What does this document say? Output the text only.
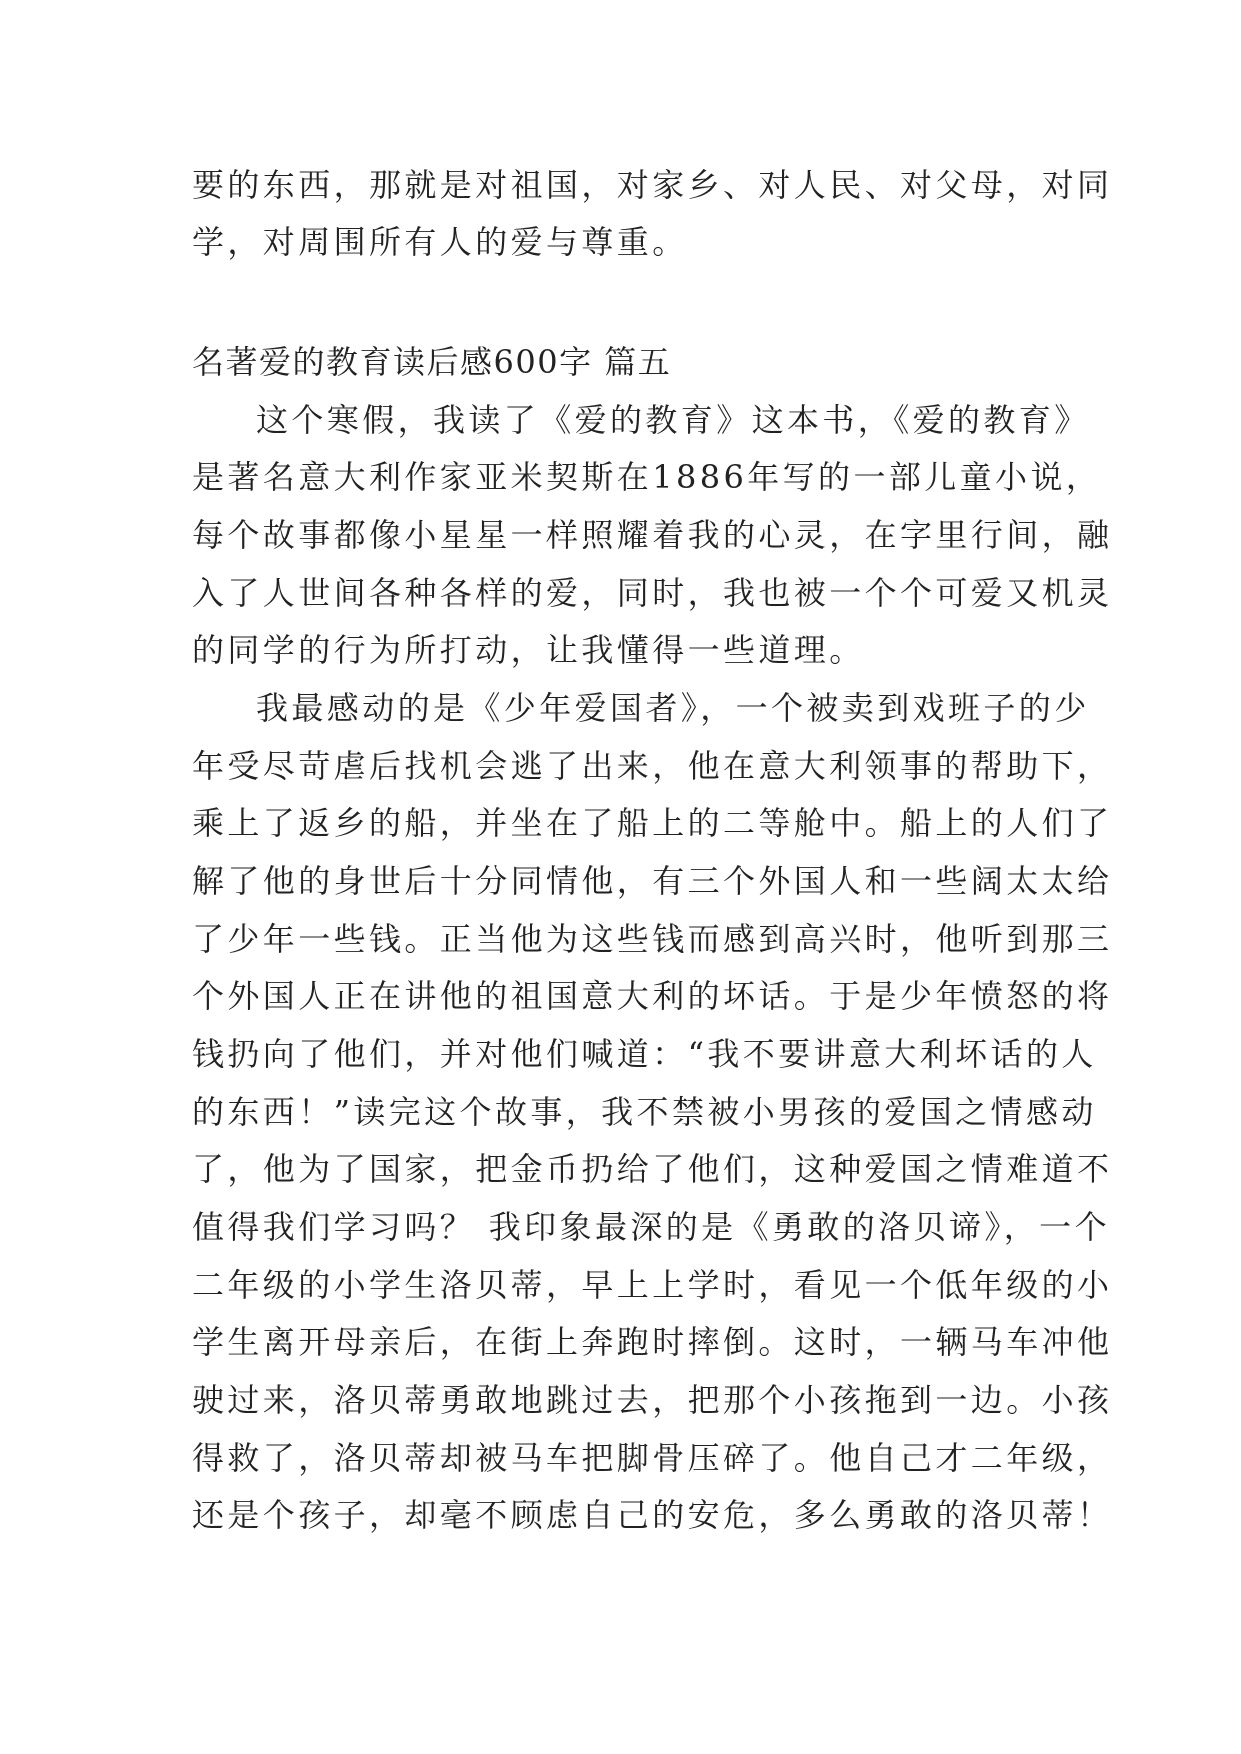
要的东西，那就是对祖国，对家乡、对人民、对父母，对同
学，对周围所有人的爱与尊重。
名著爱的教育读后感600字 篇五
这个寒假，我读了《爱的教育》这本书，《爱的教育》
是著名意大利作家亚米契斯在1886年写的一部儿童小说，
每个故事都像小星星一样照耀着我的心灵，在字里行间，融
入了人世间各种各样的爱，同时，我也被一个个可爱又机灵
的同学的行为所打动，让我懂得一些道理。
我最感动的是《少年爱国者》，一个被卖到戏班子的少
年受尽苛虐后找机会逃了出来，他在意大利领事的帮助下，
乘上了返乡的船，并坐在了船上的二等舱中。船上的人们了
解了他的身世后十分同情他，有三个外国人和一些阔太太给
了少年一些钱。正当他为这些钱而感到高兴时，他听到那三
个外国人正在讲他的祖国意大利的坏话。于是少年愤怒的将
钱扔向了他们，并对他们喊道：“我不要讲意大利坏话的人
的东西！”读完这个故事，我不禁被小男孩的爱国之情感动
了，他为了国家，把金币扔给了他们，这种爱国之情难道不
值得我们学习吗？ 我印象最深的是《勇敢的洛贝谛》，一个
二年级的小学生洛贝蒂，早上上学时，看见一个低年级的小
学生离开母亲后，在街上奔跑时摔倒。这时，一辆马车冲他
驶过来，洛贝蒂勇敢地跳过去，把那个小孩拖到一边。小孩
得救了，洛贝蒂却被马车把脚骨压碎了。他自己才二年级，
还是个孩子，却毫不顾虑自己的安危，多么勇敢的洛贝蒂！
